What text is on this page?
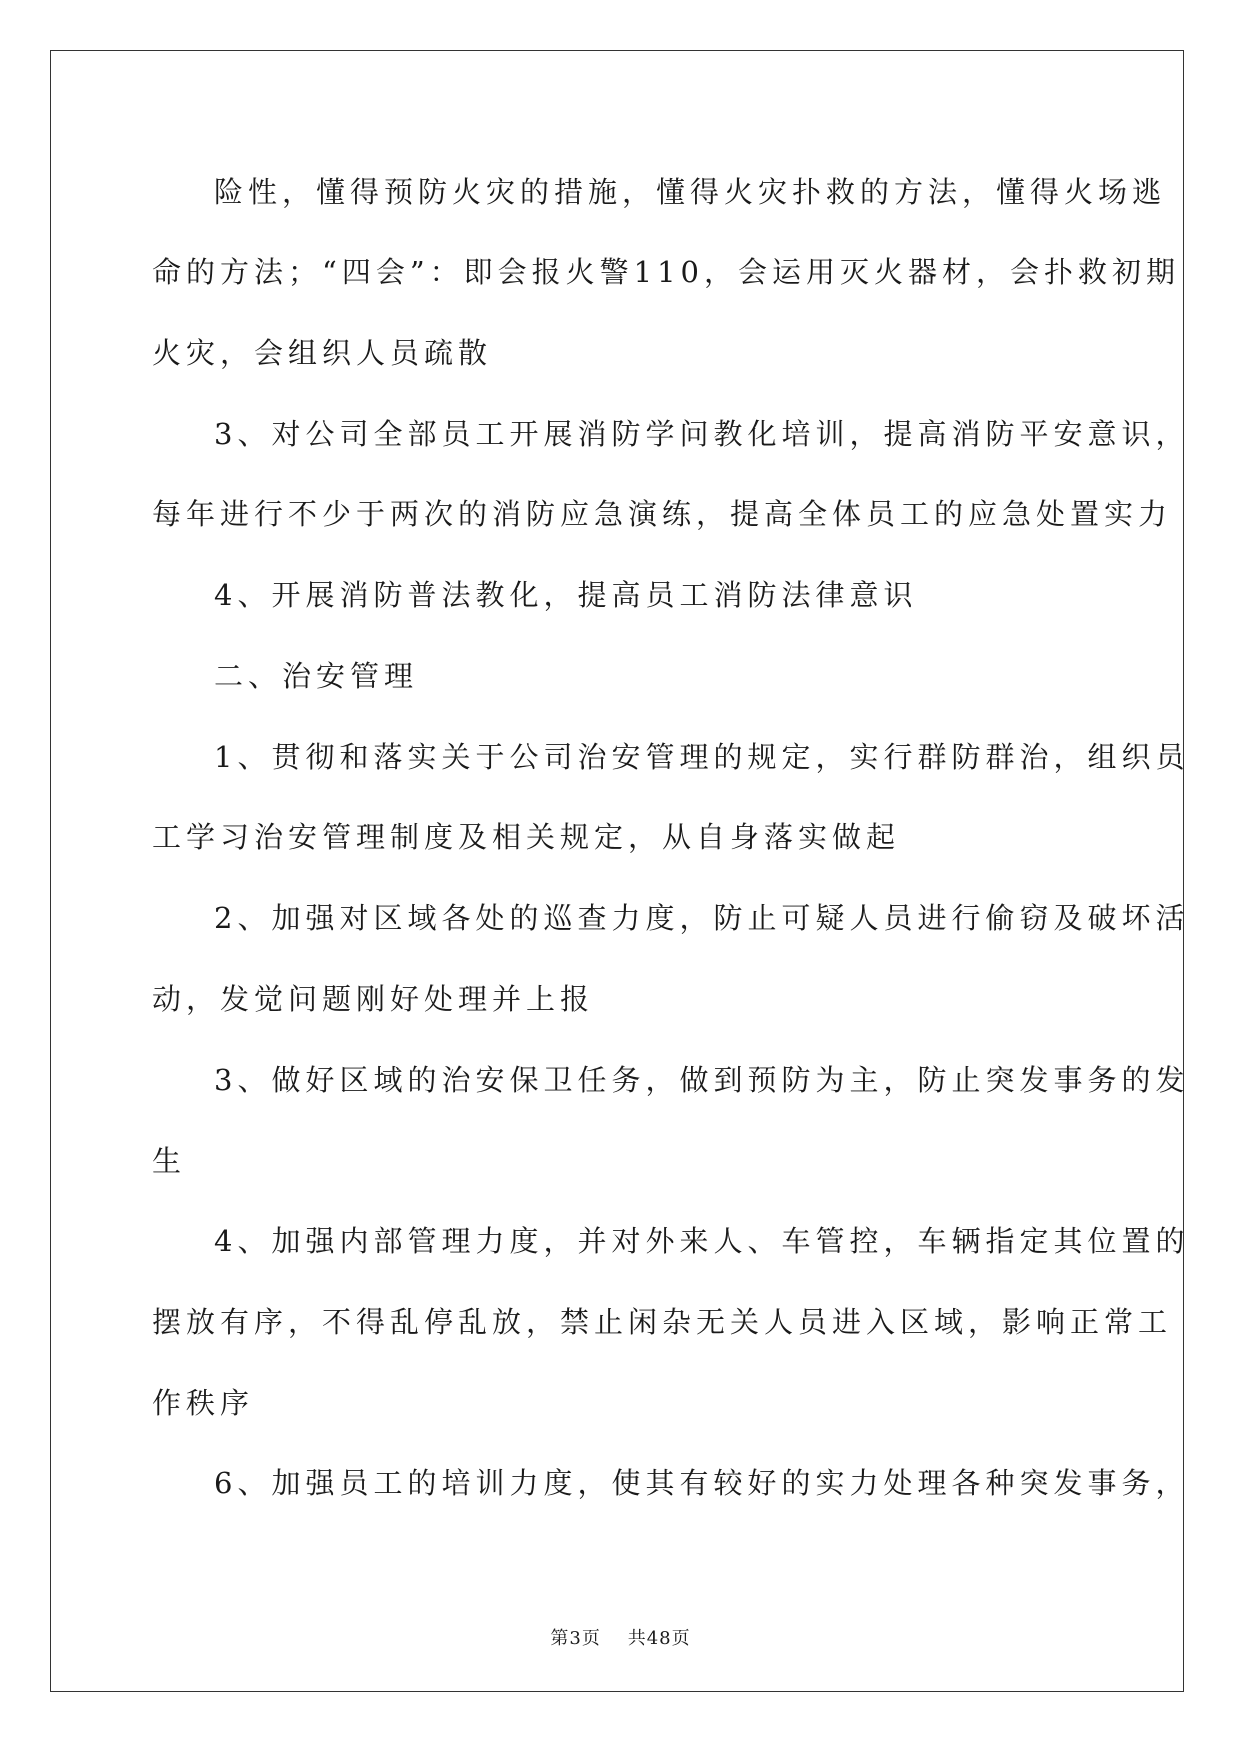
险性，懂得预防火灾的措施，懂得火灾扑救的方法，懂得火场逃
命的方法；“四会”：即会报火警110，会运用灭火器材，会扑救初期
火灾，会组织人员疏散
3、对公司全部员工开展消防学问教化培训，提高消防平安意识，
每年进行不少于两次的消防应急演练，提高全体员工的应急处置实力
4、开展消防普法教化，提高员工消防法律意识
二、治安管理
1、贯彻和落实关于公司治安管理的规定，实行群防群治，组织员
工学习治安管理制度及相关规定，从自身落实做起
2、加强对区域各处的巡查力度，防止可疑人员进行偷窃及破坏活
动，发觉问题刚好处理并上报
3、做好区域的治安保卫任务，做到预防为主，防止突发事务的发
生
4、加强内部管理力度，并对外来人、车管控，车辆指定其位置的
摆放有序，不得乱停乱放，禁止闲杂无关人员进入区域，影响正常工
作秩序
6、加强员工的培训力度，使其有较好的实力处理各种突发事务，
第3页 共48页
